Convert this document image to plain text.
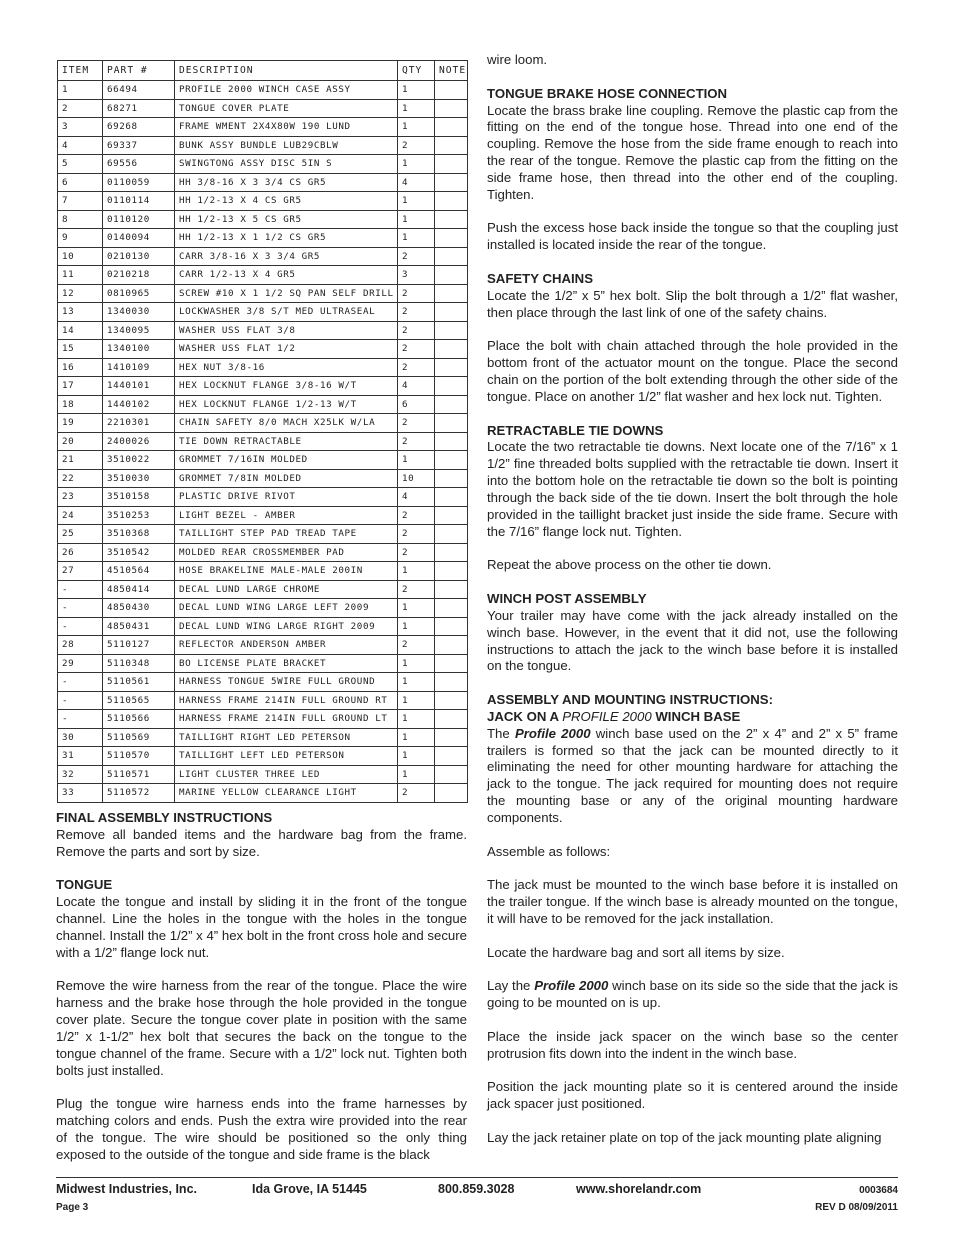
ITEM	PART #	DESCRIPTION	QTY	NOTE
1	66494	PROFILE 2000 WINCH CASE ASSY	1	
2	68271	TONGUE COVER PLATE	1	
3	69268	FRAME WMENT 2X4X80W 190 LUND	1	
4	69337	BUNK ASSY BUNDLE LUB29CBLW	2	
5	69556	SWINGTONG ASSY DISC 5IN S	1	
6	0110059	HH 3/8-16 X 3 3/4 CS GR5	4	
7	0110114	HH 1/2-13 X 4 CS GR5	1	
8	0110120	HH 1/2-13 X 5 CS GR5	1	
9	0140094	HH 1/2-13 X 1 1/2 CS GR5	1	
10	0210130	CARR 3/8-16 X 3 3/4 GR5	2	
11	0210218	CARR 1/2-13 X 4 GR5	3	
12	0810965	SCREW #10 X 1 1/2 SQ PAN SELF DRILL	2	
13	1340030	LOCKWASHER 3/8 S/T MED ULTRASEAL	2	
14	1340095	WASHER USS FLAT 3/8	2	
15	1340100	WASHER USS FLAT 1/2	2	
16	1410109	HEX NUT 3/8-16	2	
17	1440101	HEX LOCKNUT FLANGE 3/8-16 W/T	4	
18	1440102	HEX LOCKNUT FLANGE 1/2-13 W/T	6	
19	2210301	CHAIN SAFETY 8/0 MACH X25LK W/LA	2	
20	2400026	TIE DOWN RETRACTABLE	2	
21	3510022	GROMMET 7/16IN MOLDED	1	
22	3510030	GROMMET 7/8IN MOLDED	10	
23	3510158	PLASTIC DRIVE RIVOT	4	
24	3510253	LIGHT BEZEL - AMBER	2	
25	3510368	TAILLIGHT STEP PAD TREAD TAPE	2	
26	3510542	MOLDED REAR CROSSMEMBER PAD	2	
27	4510564	HOSE BRAKELINE MALE-MALE 200IN	1	
-	4850414	DECAL LUND LARGE CHROME	2	
-	4850430	DECAL LUND WING LARGE LEFT 2009	1	
-	4850431	DECAL LUND WING LARGE RIGHT 2009	1	
28	5110127	REFLECTOR ANDERSON AMBER	2	
29	5110348	BO LICENSE PLATE BRACKET	1	
-	5110561	HARNESS TONGUE 5WIRE FULL GROUND	1	
-	5110565	HARNESS FRAME 214IN FULL GROUND RT	1	
-	5110566	HARNESS FRAME 214IN FULL GROUND LT	1	
30	5110569	TAILLIGHT RIGHT LED PETERSON	1	
31	5110570	TAILLIGHT LEFT LED PETERSON	1	
32	5110571	LIGHT CLUSTER THREE LED	1	
33	5110572	MARINE YELLOW CLEARANCE LIGHT	2	
FINAL ASSEMBLY INSTRUCTIONS

Remove all banded items and the hardware bag from the frame. Remove the parts and sort by size.

TONGUE

Locate the tongue and install by sliding it in the front of the tongue channel. Line the holes in the tongue with the holes in the tongue channel. Install the 1/2” x 4” hex bolt in the front cross hole and secure with a 1/2” flange lock nut.

Remove the wire harness from the rear of the tongue. Place the wire harness and the brake hose through the hole provided in the tongue cover plate. Secure the tongue cover plate in position with the same 1/2” x 1-1/2” hex bolt that secures the back on the tongue to the tongue channel of the frame. Secure with a 1/2” lock nut. Tighten both bolts just installed.

Plug the tongue wire harness ends into the frame harnesses by matching colors and ends. Push the extra wire provided into the rear of the tongue. The wire should be positioned so the only thing exposed to the outside of the tongue and side frame is the black

wire loom.

TONGUE BRAKE HOSE CONNECTION

Locate the brass brake line coupling. Remove the plastic cap from the fitting on the end of the tongue hose. Thread into one end of the coupling. Remove the hose from the side frame enough to reach into the rear of the tongue. Remove the plastic cap from the fitting on the side frame hose, then thread into the other end of the coupling. Tighten.

Push the excess hose back inside the tongue so that the coupling just installed is located inside the rear of the tongue.

SAFETY CHAINS

Locate the 1/2” x 5” hex bolt. Slip the bolt through a 1/2” flat washer, then place through the last link of one of the safety chains.

Place the bolt with chain attached through the hole provided in the bottom front of the actuator mount on the tongue. Place the second chain on the portion of the bolt extending through the other side of the tongue. Place on another 1/2” flat washer and hex lock nut. Tighten.

RETRACTABLE TIE DOWNS

Locate the two retractable tie downs. Next locate one of the 7/16” x 1 1/2” fine threaded bolts supplied with the retractable tie down. Insert it into the bottom hole on the retractable tie down so the bolt is pointing through the back side of the tie down. Insert the bolt through the hole provided in the taillight bracket just inside the side frame. Secure with the 7/16” flange lock nut. Tighten.

Repeat the above process on the other tie down.

WINCH POST ASSEMBLY

Your trailer may have come with the jack already installed on the winch base. However, in the event that it did not, use the following instructions to attach the jack to the winch base before it is installed on the tongue.

ASSEMBLY AND MOUNTING INSTRUCTIONS:
JACK ON A PROFILE 2000 WINCH BASE

The Profile 2000 winch base used on the 2” x 4” and 2” x 5” frame trailers is formed so that the jack can be mounted directly to it eliminating the need for other mounting hardware for attaching the jack to the tongue. The jack required for mounting does not require the mounting base or any of the original mounting hardware components.

Assemble as follows:

The jack must be mounted to the winch base before it is installed on the trailer tongue. If the winch base is already mounted on the tongue, it will have to be removed for the jack installation.

Locate the hardware bag and sort all items by size.

Lay the Profile 2000 winch base on its side so the side that the jack is going to be mounted on is up.

Place the inside jack spacer on the winch base so the center protrusion fits down into the indent in the winch base.

Position the jack mounting plate so it is centered around the inside jack spacer just positioned.

Lay the jack retainer plate on top of the jack mounting plate aligning

Midwest Industries, Inc.	Ida Grove, IA 51445	800.859.3028	www.shorelandr.com	0003684
Page 3	REV D 08/09/2011
